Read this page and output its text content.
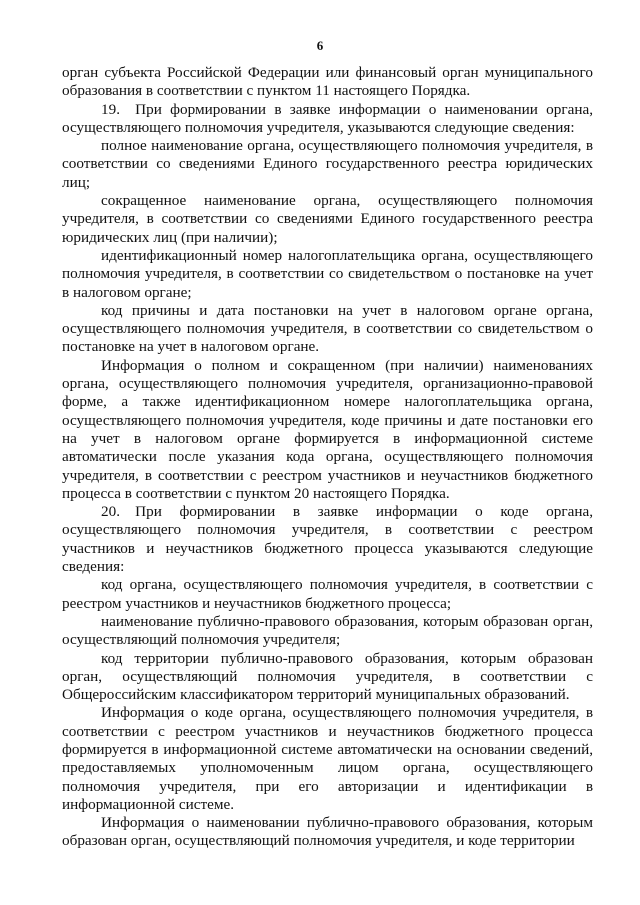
6

орган субъекта Российской Федерации или финансовый орган муниципального образования в соответствии с пунктом 11 настоящего Порядка.

19. При формировании в заявке информации о наименовании органа, осуществляющего полномочия учредителя, указываются следующие сведения:

полное наименование органа, осуществляющего полномочия учредителя, в соответствии со сведениями Единого государственного реестра юридических лиц;

сокращенное наименование органа, осуществляющего полномочия учредителя, в соответствии со сведениями Единого государственного реестра юридических лиц (при наличии);

идентификационный номер налогоплательщика органа, осуществляющего полномочия учредителя, в соответствии со свидетельством о постановке на учет в налоговом органе;

код причины и дата постановки на учет в налоговом органе органа, осуществляющего полномочия учредителя, в соответствии со свидетельством о постановке на учет в налоговом органе.

Информация о полном и сокращенном (при наличии) наименованиях органа, осуществляющего полномочия учредителя, организационно-правовой форме, а также идентификационном номере налогоплательщика органа, осуществляющего полномочия учредителя, коде причины и дате постановки его на учет в налоговом органе формируется в информационной системе автоматически после указания кода органа, осуществляющего полномочия учредителя, в соответствии с реестром участников и неучастников бюджетного процесса в соответствии с пунктом 20 настоящего Порядка.

20. При формировании в заявке информации о коде органа, осуществляющего полномочия учредителя, в соответствии с реестром участников и неучастников бюджетного процесса указываются следующие сведения:

код органа, осуществляющего полномочия учредителя, в соответствии с реестром участников и неучастников бюджетного процесса;

наименование публично-правового образования, которым образован орган, осуществляющий полномочия учредителя;

код территории публично-правового образования, которым образован орган, осуществляющий полномочия учредителя, в соответствии с Общероссийским классификатором территорий муниципальных образований.

Информация о коде органа, осуществляющего полномочия учредителя, в соответствии с реестром участников и неучастников бюджетного процесса формируется в информационной системе автоматически на основании сведений, предоставляемых уполномоченным лицом органа, осуществляющего полномочия учредителя, при его авторизации и идентификации в информационной системе.

Информация о наименовании публично-правового образования, которым образован орган, осуществляющий полномочия учредителя, и коде территории
